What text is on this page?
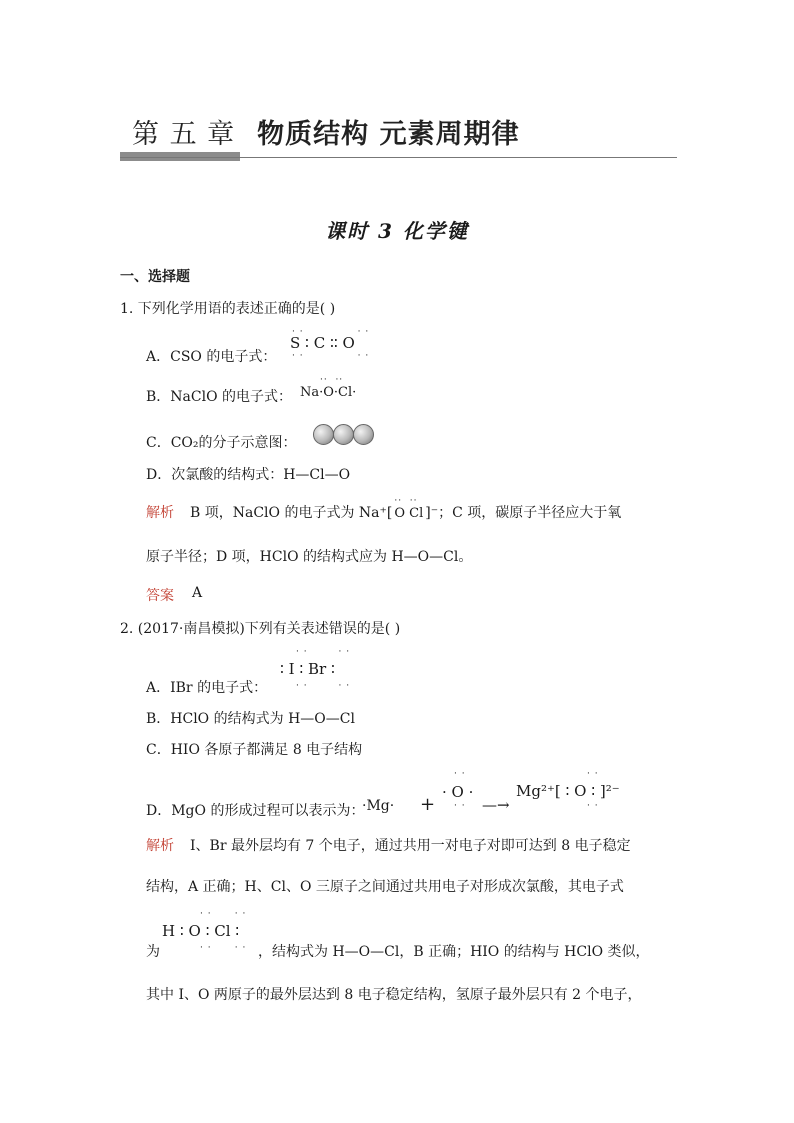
第 五 章 物质结构 元素周期律
课时 3 化学键
一、选择题
1. 下列化学用语的表述正确的是( )
A．CSO 的电子式：
· ·              · ·
S ∶ C ∶∶ O
· ·              · ·
B．NaClO 的电子式：
··  ··
Na·O·Cl·
C．CO₂的分子示意图：
D．次氯酸的结构式：H—Cl—O
解析 B 项，NaClO 的电子式为 Na⁺[
··  ··
O Cl ]⁻；C 项，碳原子半径应大于氧
原子半径；D 项，HClO 的结构式应为 H—O—Cl。
答案 A
2. (2017·南昌模拟)下列有关表述错误的是( )
A．IBr 的电子式：
· ·        · ·
∶ I ∶ Br ∶
· ·        · ·
B．HClO 的结构式为 H—O—Cl
C．HIO 各原子都满足 8 电子结构
D．MgO 的形成过程可以表示为：
·Mg· +
· ·
· O ·
· · —→
· ·
Mg²⁺[ ∶ O ∶ ]²⁻
· ·
解析 I、Br 最外层均有 7 个电子，通过共用一对电子对即可达到 8 电子稳定
结构，A 正确；H、Cl、O 三原子之间通过共用电子对形成次氯酸，其电子式
· ·      · ·
H ∶ O ∶ Cl ∶
· ·      · ·
为	，结构式为 H—O—Cl，B 正确；HIO 的结构与 HClO 类似，
其中 I、O 两原子的最外层达到 8 电子稳定结构，氢原子最外层只有 2 个电子，
